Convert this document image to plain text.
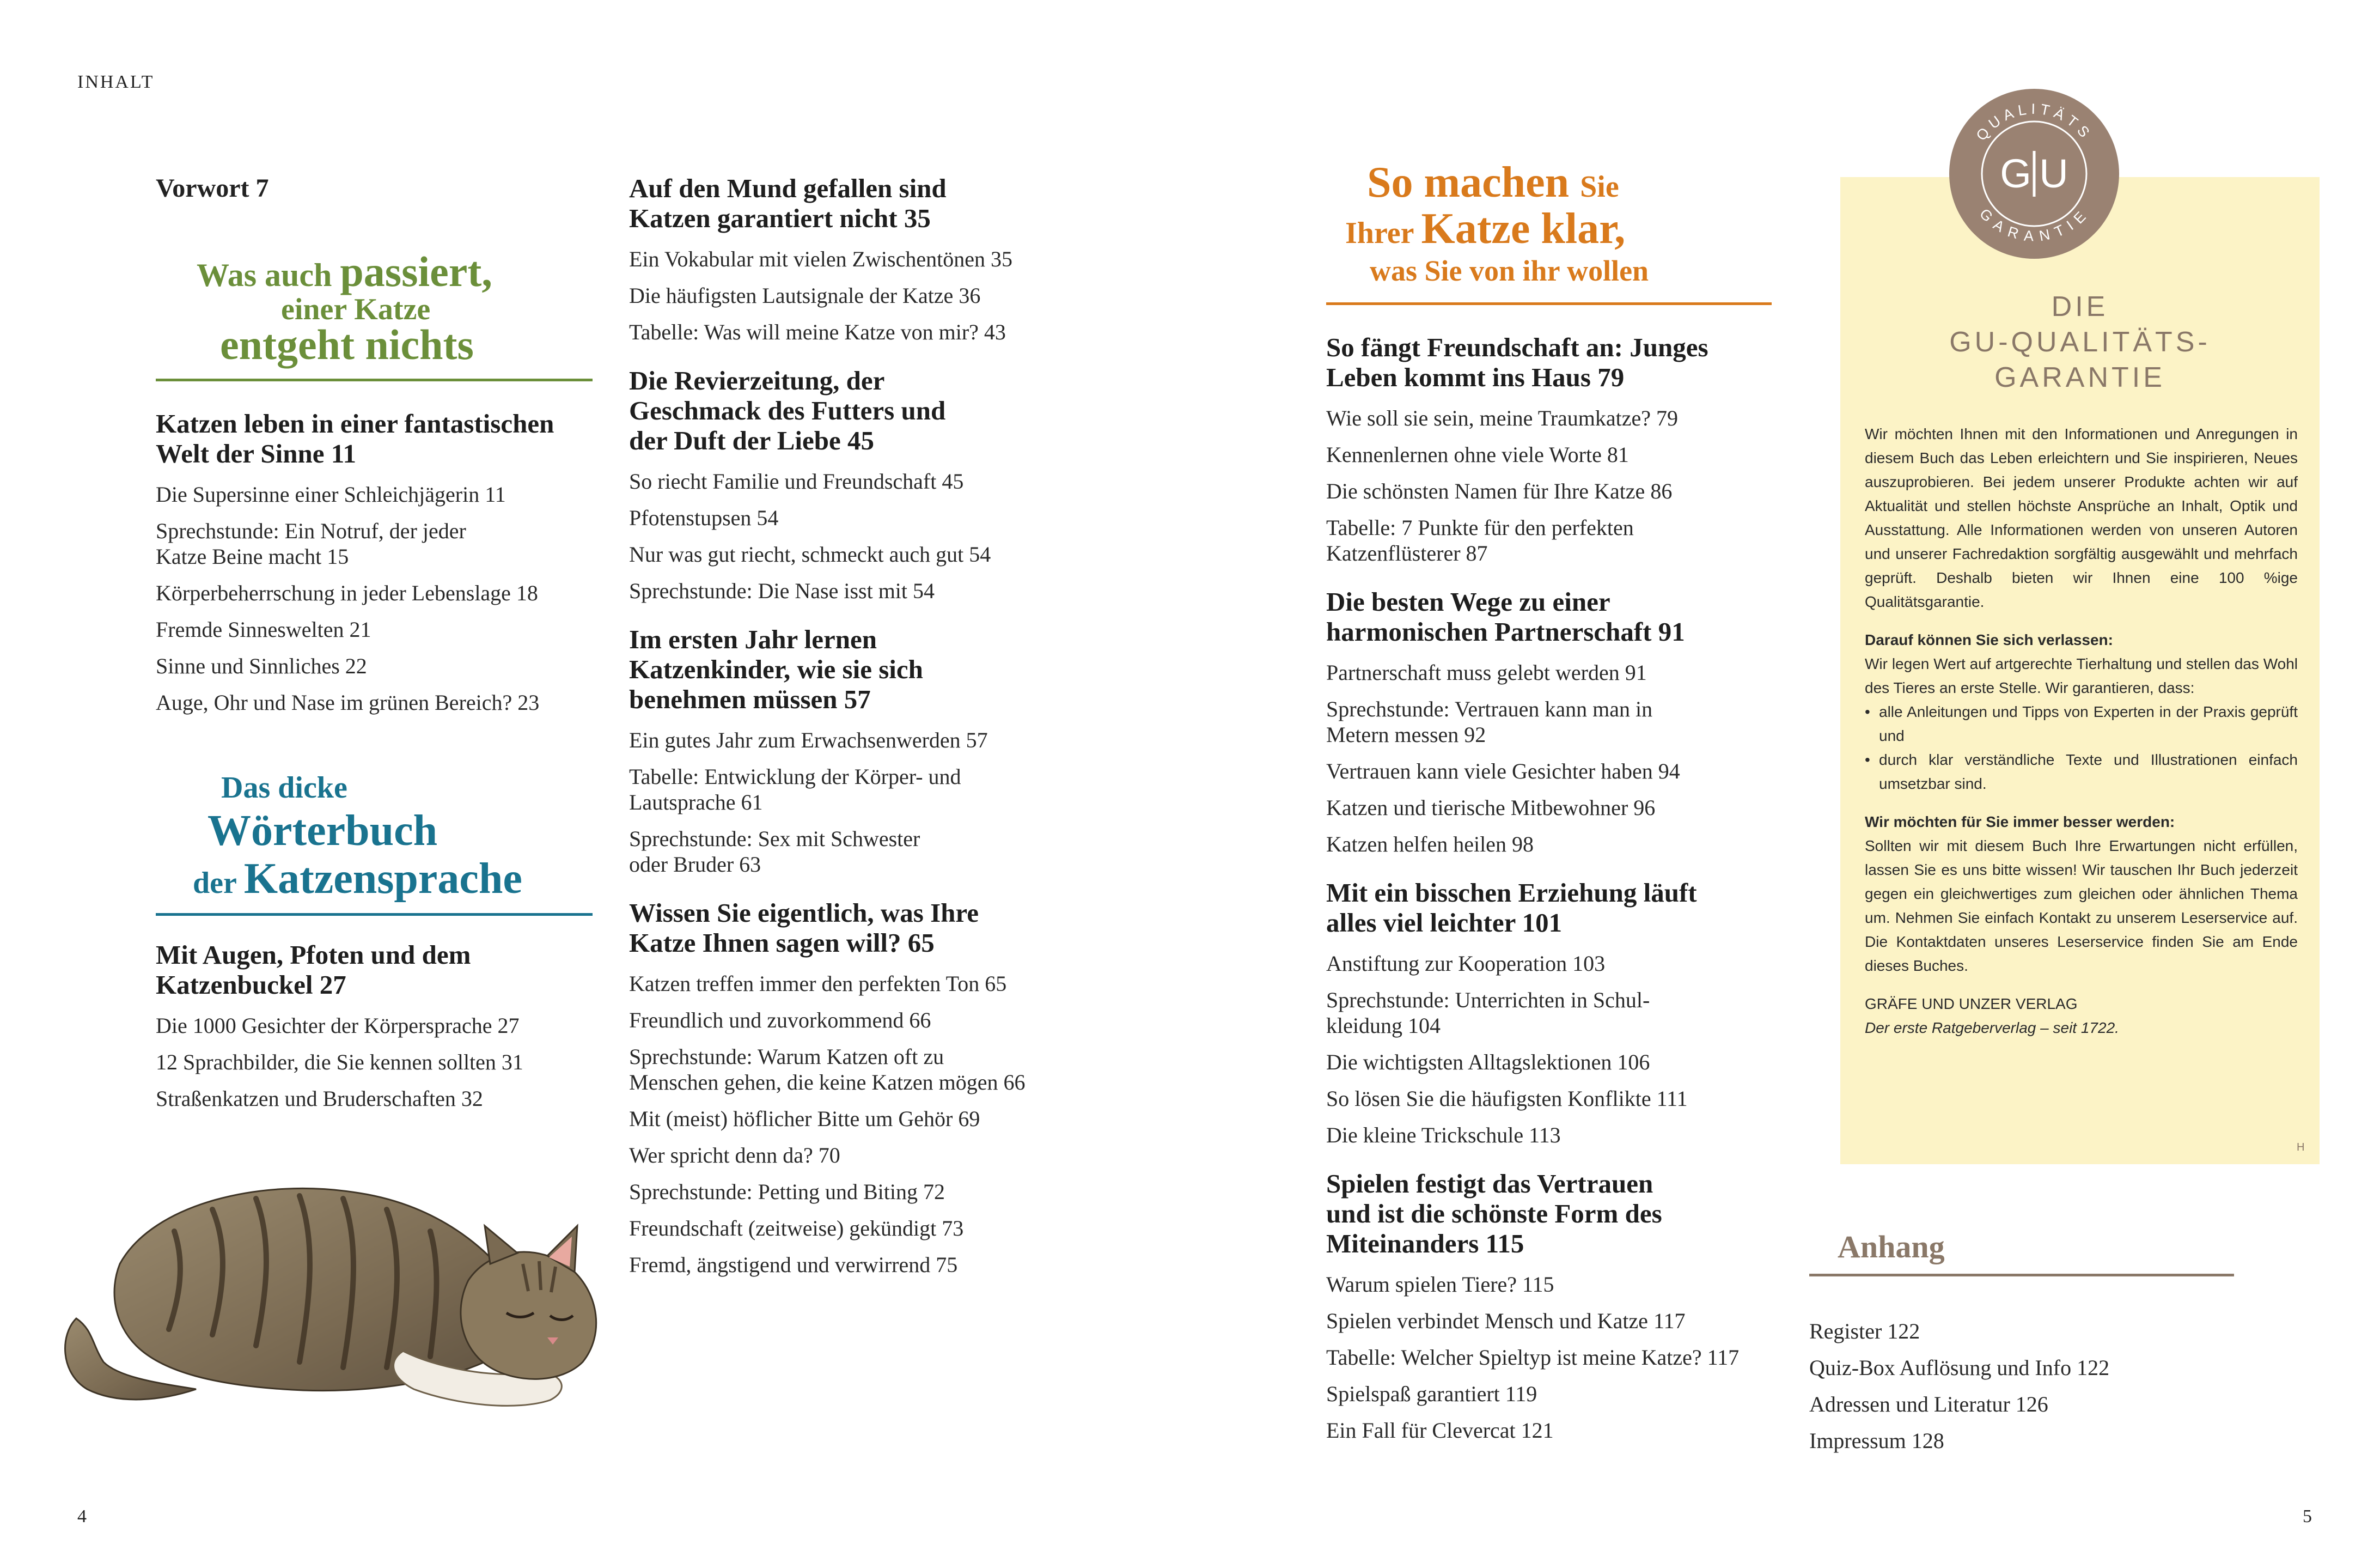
INHALT
4	5
Vorwort 7
Was auch passiert,
einer Katze
entgeht nichts
Katzen leben in einer fantastischen
Welt der Sinne 11
Die Supersinne einer Schleichjägerin 11
Sprechstunde: Ein Notruf, der jeder
Katze Beine macht 15
Körperbeherrschung in jeder Lebenslage 18
Fremde Sinneswelten 21
Sinne und Sinnliches 22
Auge, Ohr und Nase im grünen Bereich? 23
Das dicke
Wörterbuch
der Katzensprache
Mit Augen, Pfoten und dem
Katzenbuckel 27
Die 1000 Gesichter der Körpersprache 27
12 Sprachbilder, die Sie kennen sollten 31
Straßenkatzen und Bruderschaften 32
Auf den Mund gefallen sind
Katzen garantiert nicht 35
Ein Vokabular mit vielen Zwischentönen 35
Die häufigsten Lautsignale der Katze 36
Tabelle: Was will meine Katze von mir? 43
Die Revierzeitung, der
Geschmack des Futters und
der Duft der Liebe 45
So riecht Familie und Freundschaft 45
Pfotenstupsen 54
Nur was gut riecht, schmeckt auch gut 54
Sprechstunde: Die Nase isst mit 54
Im ersten Jahr lernen
Katzenkinder, wie sie sich
benehmen müssen 57
Ein gutes Jahr zum Erwachsenwerden 57
Tabelle: Entwicklung der Körper- und
Lautsprache 61
Sprechstunde: Sex mit Schwester
oder Bruder 63
Wissen Sie eigentlich, was Ihre
Katze Ihnen sagen will? 65
Katzen treffen immer den perfekten Ton 65
Freundlich und zuvorkommend 66
Sprechstunde: Warum Katzen oft zu
Menschen gehen, die keine Katzen mögen 66
Mit (meist) höflicher Bitte um Gehör 69
Wer spricht denn da? 70
Sprechstunde: Petting und Biting 72
Freundschaft (zeitweise) gekündigt 73
Fremd, ängstigend und verwirrend 75
So machen Sie
Ihrer Katze klar,
was Sie von ihr wollen
So fängt Freundschaft an: Junges
Leben kommt ins Haus 79
Wie soll sie sein, meine Traumkatze? 79
Kennenlernen ohne viele Worte 81
Die schönsten Namen für Ihre Katze 86
Tabelle: 7 Punkte für den perfekten
Katzenflüsterer 87
Die besten Wege zu einer
harmonischen Partnerschaft 91
Partnerschaft muss gelebt werden 91
Sprechstunde: Vertrauen kann man in
Metern messen 92
Vertrauen kann viele Gesichter haben 94
Katzen und tierische Mitbewohner 96
Katzen helfen heilen 98
Mit ein bisschen Erziehung läuft
alles viel leichter 101
Anstiftung zur Kooperation 103
Sprechstunde: Unterrichten in Schul-
kleidung 104
Die wichtigsten Alltagslektionen 106
So lösen Sie die häufigsten Konflikte 111
Die kleine Trickschule 113
Spielen festigt das Vertrauen
und ist die schönste Form des
Miteinanders 115
Warum spielen Tiere? 115
Spielen verbindet Mensch und Katze 117
Tabelle: Welcher Spieltyp ist meine Katze? 117
Spielspaß garantiert 119
Ein Fall für Clevercat 121
DIE
GU-QUALITÄTS-
GARANTIE
Wir möchten Ihnen mit den Informationen und Anregungen in diesem Buch das Leben erleichtern und Sie inspirieren, Neues auszuprobieren. Bei jedem unserer Produkte achten wir auf Aktualität und stellen höchste Ansprüche an Inhalt, Optik und Ausstattung. Alle Informationen werden von unseren Autoren und unserer Fachredaktion sorgfältig ausgewählt und mehrfach geprüft. Deshalb bieten wir Ihnen eine 100 %ige Qualitätsgarantie.
Darauf können Sie sich verlassen:
Wir legen Wert auf artgerechte Tierhaltung und stellen das Wohl des Tieres an erste Stelle. Wir garantieren, dass:
• alle Anleitungen und Tipps von Experten in der Praxis geprüft und
• durch klar verständliche Texte und Illustrationen einfach umsetzbar sind.
Wir möchten für Sie immer besser werden:
Sollten wir mit diesem Buch Ihre Erwartungen nicht erfüllen, lassen Sie es uns bitte wissen! Wir tauschen Ihr Buch jederzeit gegen ein gleichwertiges zum gleichen oder ähnlichen Thema um. Nehmen Sie einfach Kontakt zu unserem Leserservice auf. Die Kontaktdaten unseres Leserservice finden Sie am Ende dieses Buches.
GRÄFE UND UNZER VERLAG
Der erste Ratgeberverlag – seit 1722.
H
QUALITÄTS
GARANTIE
G U
Anhang
Register 122
Quiz-Box Auflösung und Info 122
Adressen und Literatur 126
Impressum 128
